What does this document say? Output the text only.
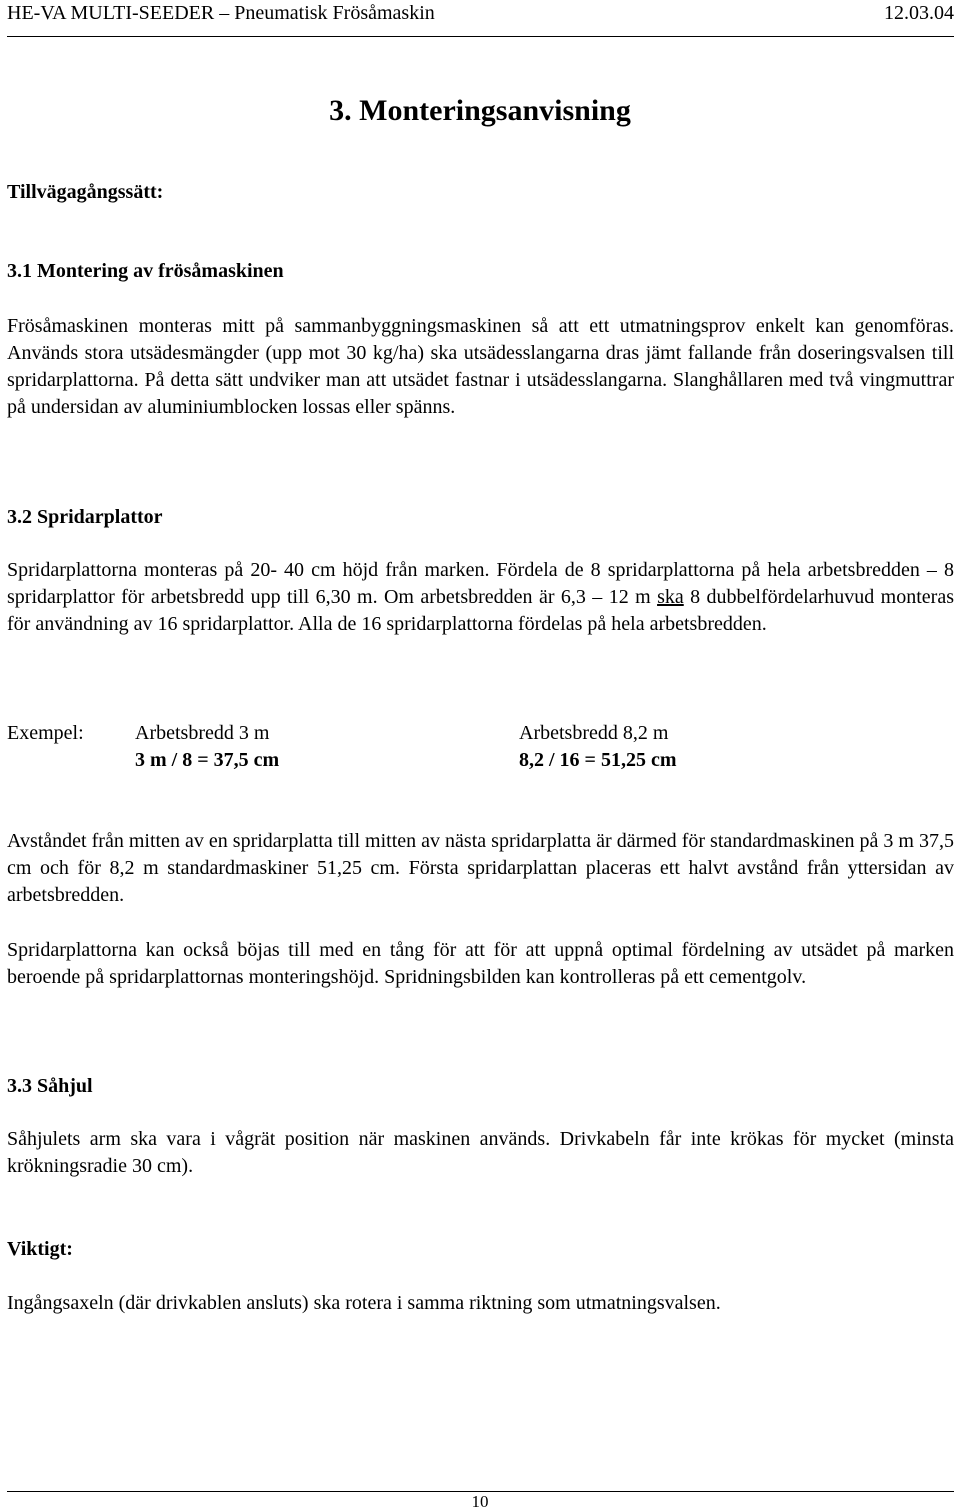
HE-VA MULTI-SEEDER – Pneumatisk Frösåmaskin	12.03.04
3. Monteringsanvisning
Tillvägagångssätt:
3.1 Montering av frösåmaskinen
Frösåmaskinen monteras mitt på sammanbyggningsmaskinen så att ett utmatningsprov enkelt kan genomföras. Används stora utsädesmängder (upp mot 30 kg/ha) ska utsädesslangarna dras jämt fallande från doseringsvalsen till spridarplattorna. På detta sätt undviker man att utsädet fastnar i utsädesslangarna. Slanghållaren med två vingmuttrar på undersidan av aluminiumblocken lossas eller spänns.
3.2 Spridarplattor
Spridarplattorna monteras på 20- 40 cm höjd från marken. Fördela de 8 spridarplattorna på hela arbetsbredden – 8 spridarplattor för arbetsbredd upp till 6,30 m. Om arbetsbredden är 6,3 – 12 m ska 8 dubbelfördelarhuvud monteras för användning av 16 spridarplattor. Alla de 16 spridarplattorna fördelas på hela arbetsbredden.
Exempel:	Arbetsbredd 3 m
3 m / 8 = 37,5 cm
Arbetsbredd 8,2 m
8,2 / 16 = 51,25 cm
Avståndet från mitten av en spridarplatta till mitten av nästa spridarplatta är därmed för standardmaskinen på 3 m 37,5 cm och för 8,2 m standardmaskiner 51,25 cm. Första spridarplattan placeras ett halvt avstånd från yttersidan av arbetsbredden.
Spridarplattorna kan också böjas till med en tång för att för att uppnå optimal fördelning av utsädet på marken beroende på spridarplattornas monteringshöjd. Spridningsbilden kan kontrolleras på ett cementgolv.
3.3 Såhjul
Såhjulets arm ska vara i vågrät position när maskinen används. Drivkabeln får inte krökas för mycket (minsta krökningsradie 30 cm).
Viktigt:
Ingångsaxeln (där drivkablen ansluts) ska rotera i samma riktning som utmatningsvalsen.
10
